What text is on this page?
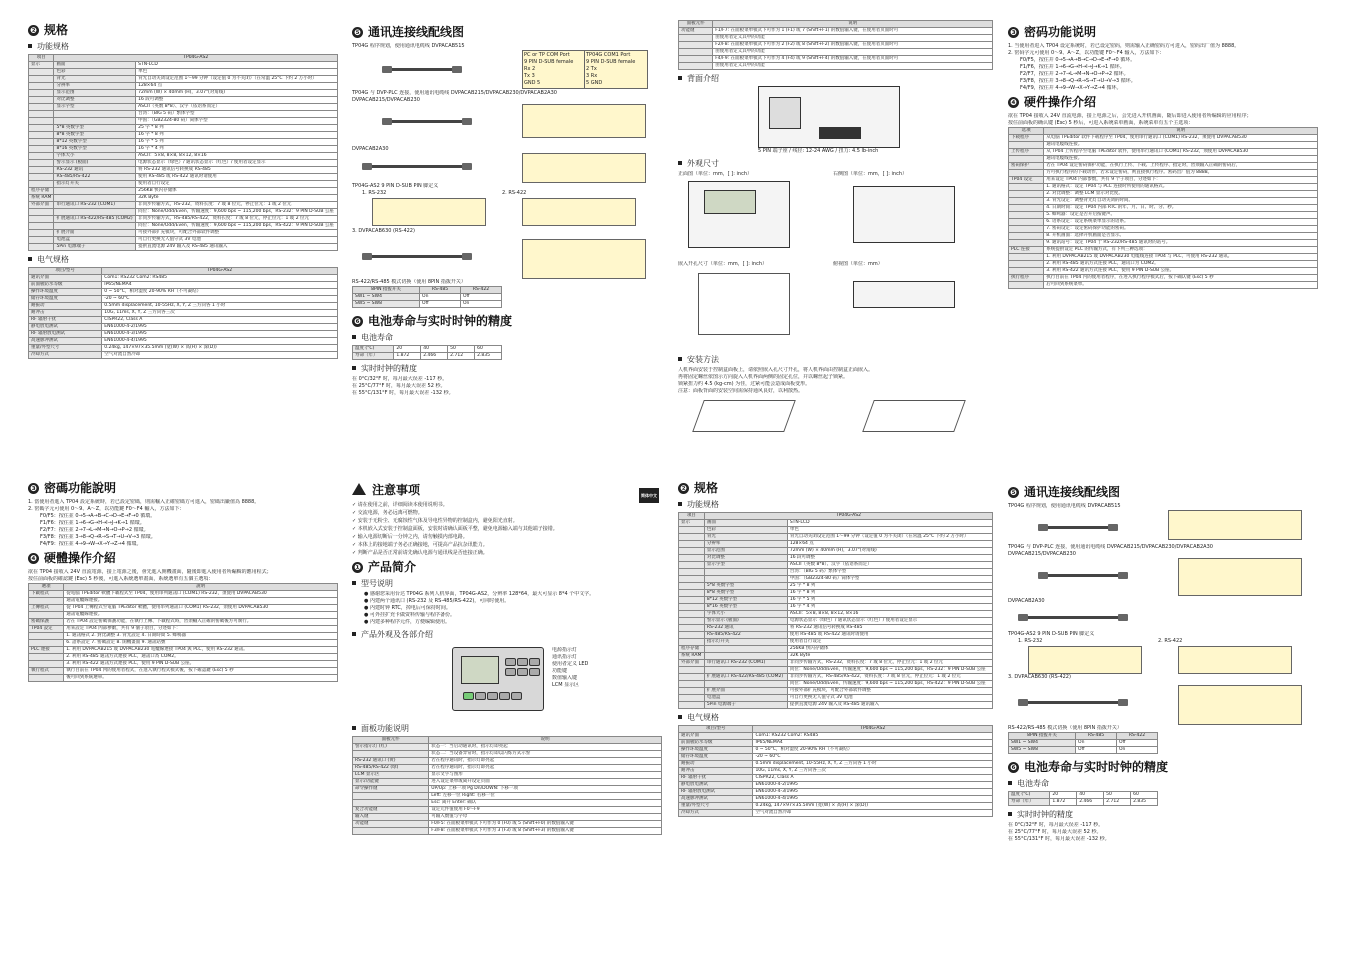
❷ 规格
功能规格
项目	TP04G-AS2	
显示	画面	STN-LCD
	色彩	单色
	背光	背光自动关闭设定范围 1～99 分钟（设定值 0 为不关闭）（在常温 25°C 下约 2 万小时）
	分辨率	128×64 点
	显示范围	72mm (W) × 40mm (H)，3.07"(对角线)
	对比调整	16 段可调整
	显示字型	ASCII（英数 8*8）、汉字（依语系而定）
		台湾：（BIG 5 码）繁体字型
		中国：（GB2324-80 码）简体字型
	5*8 英数字型	25 字 * 8 列
	8*8 英数字型	16 字 * 8 列
	8*12 英数字型	16 字 * 5 列
	8*16 英数字型	16 字 * 4 列
	字体大小	ASCII：5×8, 8×8, 8×12, 8×16
	警示显示 (板面)	电源状态显示（绿色）/ 通讯状态显示（红色）/ 使用者设定显示
	RS-232 通讯	将 RS-232 通讯信号转换成 RS-485
	RS-485/RS-422	使用 RS-485 或 RS-422 通讯时请使用
	指示灯开关	使用者自行设定
程序存储		256KB 快闪存储体
系统 RAM		32K Byte
外部介面	串行通讯口 RS-232 (COM1)	非同步传输方式，RS-232，资料长度：7 或 8 位元，停止位元：1 或 2 位元
		同位：None/Odd/Even，传输速度：9,600 bps ~ 115,200 bps，RS-232：9 PIN D-SUB 公座
	扩展通讯口 RS-422/RS-485 (COM2)	非同步传输方式，RS-485/RS-422，资料长度：7 或 8 位元，停止位元：1 或 2 位元
		同位：None/Odd/Even，传输速度：9,600 bps ~ 115,200 bps，RS-422：9 PIN D-SUB 公座
	扩展介面	可接外部扩充模块，可配合外部软件调整
	电池盒	可自行更换无人值守式 3V 电池
	5Pin 电源端子	提供直流电源 24V 输入及 RS-485 通讯输入
电气规格
项目/型号	TP04G-AS2
通讯介面	Com1: RS232 Com2: RS485
前面板防水等级	IP65/NEMA4
操作环境温度	0 ~ 50°C，相对湿度 20-90% RH（不可凝结）
储存环境温度	-20 ~ 60°C
耐振动	0.5mm displacement, 10-55Hz, X, Y, Z 三方向各 1 小时
耐冲击	10G, 11ms, X, Y, Z 三方向各三次
RF 辐射干扰	CISPR22, Class A
静电放电测试	EN61000-4-2/1995
RF 辐射放电测试	EN61000-4-3/1995
高速脉冲测试	EN61000-4-4/1995
重量/外型尺寸	0.24kg, 147×97×35.5mm (宽(W) × 高(H) × 深(D))
冷却方式	空气对流自然冷却
❺ 通讯连接线配线图
TP04G 程序规划，使用通讯电缆线 DVPACAB515
PC or TP COM Port
9 PIN D-SUB female
Rx 2
Tx 3
GND 5
TP04G COM1 Port
9 PIN D-SUB female
2 Tx
3 Rx
5 GND
TP04G 与 DVP-PLC 连接，使用通讯电缆线 DVPACAB215/DVPACAB230/DVPACAB2A30
DVPACAB215/DVPACAB230
DVPACAB2A30
TP04G-AS2 9 PIN D-SUB PIN 脚定义
1. RS-232	2. RS-422
3. DVPACAB630 (RS-422)
RS-422/RS-485 模式切换（使用 8PIN 指拨开关）
8PIN 指拨开关	RS-485	RS-422
SW1 ~ SW4	On	Off
SW5 ~ SW8	Off	On
❻ 电池寿命与实时时钟的精度
电池寿命
温度 (°C)	20	40	50	60
寿命（年）	1.872	2.466	2.712	2.835
实时时钟的精度
在 0°C/32°F 时，每月最大误差 -117 秒。
在 25°C/77°F 时，每月最大误差 52 秒。
在 55°C/131°F 时，每月最大误差 -132 秒。
面板元件	说明
功能键	F1/F7: 在面板菜单模式下可作为 1 (F1) 或 7 (Shift+F1) 的数值输入键，在使用者页面时可
	由使用者定义其中的功能
	F2/F8: 在面板菜单模式下可作为 2 (F2) 或 8 (Shift+F2) 的数值输入键，在使用者页面时可
	由使用者定义其中的功能
	F4/F9: 在面板菜单模式下可作为 4 (F4) 或 9 (Shift+F4) 的数值输入键，在使用者页面时可
	由使用者定义其中的功能
背面介绍
5 PIN 端子座 / 线径: 12-24 AWG / 扭力: 4.5 lb-inch
外观尺寸
正面图（单位：mm，[ ]: inch）	右侧图（单位：mm，[ ]: inch）
嵌入开孔尺寸（单位：mm，[ ]: inch）	俯视图（单位：mm）
安装方法
人机界面安装于控制盒面板上，请依照嵌入孔尺寸开孔，将人机界面由控制盒正面嵌入。
再将固定螺丝依图示方向旋入人机界面两侧的固定孔位，并以螺丝起子锁紧。
锁紧扭力约 4.5 (kg-cm) 为佳，过紧可能会造成面板变形。
注意：面板背面的安装空间需保持通风良好，以利散热。
❸ 密码功能说明
1. 当使用者进入 TP04 设定系统时，若已设定密码，则需输入正确密码方可进入，密码出厂值为 8888。
2. 密码字元可使用 0～9、A～Z，以功能键 F0～F4 输入，方法如下：
F0/F5，按住并 0→5→A→B→C→D→E→F→0 循环。
F1/F6，按住并 1→6→G→H→I→J→K→1 循环。
F2/F7，按住并 2→7→L→M→N→O→P→2 循环。
F3/F8，按住并 3→8→Q→R→S→T→U→V→3 循环。
F4/F9，按住并 4→9→W→X→Y→Z→4 循环。
❹ 硬件操作介绍
欲在 TP04 接收入 24V 直流电源，接上电源之后，会先进入开机画面，随后即进入使用者所编辑的应用程序；
按住前面板的确认键 (Esc) 5 秒后，可进入系统菜单画面，系统菜单有五个主选项：
选项	说明
下载程序	从电脑 TPEditor 软件下载程序至 TP04，使用串行通讯口 (COM1) RS-232，须使用 DVPACAB530
	通讯电缆线连接。
上传程序	从 TP04 上传程序至电脑 TPEditor 软件，使用串行通讯口 (COM1) RS-232，须使用 DVPACAB530
	通讯电缆线连接。
密码保护	若在 TP04 设定密码保护功能，在执行上传、下载、上传程序、指定时，皆须输入正确的密码后，
	方可执行程序的下载动作，若未设定密码，则直接执行程序。密码出厂值为 8888。
TP04 设定	用来设定 TP04 内部参数，共有 9 个子项目，分述如下：
	1. 通讯格式：设定 TP04 与 PLC 连接时所使用的通讯格式。
	2. 对比调整：调整 LCM 显示对比度。
	3. 背光设定：调整背光灯自动关闭的时间。
	4. 日期时间：设定 TP04 内部 RTC 的年、月、日、时、分、秒。
	5. 蜂鸣器：设定是否开启按键声。
	6. 语系设定：设定系统菜单显示的语系。
	7. 密码设定：设定密码保护功能的密码。
	8. 开机画面：选择开机画面是否显示。
	9. 通讯站号：设定 TP04 于 RS-232/RS-485 通讯时的站号。
PLC 连接	系统提供设定 PLC 的传输方式，有下列三种选项：
	1. 利用 DVPACAB215 或 DVPACAB230 电缆线连接 TP04 与 PLC，可使用 RS-232 通讯。
	2. 利用 RS-485 通讯方式连接 PLC，通讯口为 COM2。
	3. 利用 RS-422 通讯方式连接 PLC，使用 9 PIN D-SUB 公座。
执行程序	执行目前在 TP04 内的使用者程序，在进入执行程序模式后，按下确认键 (Esc) 5 秒
	后可回到系统菜单。
❸ 密碼功能說明
1. 當使用者進入 TP04 設定系統時，若已設定密碼，則需輸入正確密碼方可進入，密碼出廠值為 8888。
2. 密碼字元可使用 0～9、A～Z，以功能鍵 F0～F4 輸入，方法如下：
F0/F5：按住並 0→5→A→B→C→D→E→F→0 循環。
F1/F6：按住並 1→6→G→H→I→J→K→1 循環。
F2/F7：按住並 2→7→L→M→N→O→P→2 循環。
F3/F8：按住並 3→8→Q→R→S→T→U→V→3 循環。
F4/F9：按住並 4→9→W→X→Y→Z→4 循環。
❹ 硬體操作介紹
欲在 TP04 接收入 24V 直流電源，接上電源之後，會先進入開機畫面，隨後即進入使用者所編輯的應用程式；
按住前面板的確認鍵 (Esc) 5 秒後，可進入系統選單畫面，系統選單有五個主選項：
選項	說明
下載程式	從電腦 TPEditor 軟體下載程式至 TP04，使用串列通訊口 (COM1) RS-232，須使用 DVPACAB530
	通訊電纜線連接。
上傳程式	從 TP04 上傳程式至電腦 TPEditor 軟體，使用串列通訊口 (COM1) RS-232，須使用 DVPACAB530
	通訊電纜線連接。
密碼保護	若在 TP04 設定密碼保護功能，在執行上傳、下載程式時，皆須輸入正確的密碼後方可執行。
TP04 設定	用來設定 TP04 內部參數，共有 9 個子項目，分述如下：
	1. 通訊格式 2. 對比調整 3. 背光設定 4. 日期時間 5. 蜂鳴器
	6. 語系設定 7. 密碼設定 8. 開機畫面 9. 通訊站號
PLC 連接	1. 利用 DVPACAB215 或 DVPACAB230 電纜線連接 TP04 與 PLC，使用 RS-232 通訊。
	2. 利用 RS-485 通訊方式連接 PLC，通訊口為 COM2。
	3. 利用 RS-422 通訊方式連接 PLC，使用 9 PIN D-SUB 公座。
執行程式	執行目前在 TP04 內的使用者程式，在進入執行程式模式後，按下確認鍵 (Esc) 5 秒
	後可回到系統選單。
注意事项	简体中文
✓ 请在使用之前，详细阅读本使用说明书。
✓ 交流电源，务必远离可燃物。
✓ 安装于无粉尘、无腐蚀性气体及导电性异物的控制盒内，避免阳光直射。
✓ 本机嵌入式安装于控制盒面板，安装时请确认面板平整，避免电源输入端与其他端子接错。
✓ 输入电源切断后一分钟之内，请勿触摸内部电路。
✓ 本体上的接地端子务必正确接地，可提高产品抗杂讯能力。
✓ 判断产品是否正常前请先确认电源与通讯线是否连接正确。
❶ 产品简介
型号说明
● 感谢您采用台达 TP04G 系列人机界面，TP04G-AS2，分辨率 128*64，最大可显示 8*4 个中文字。
● 内建两个通讯口 (RS-232 及 RS-485/RS-422)，可同时使用。
● 内建时钟 RTC，掉电后可保持时间。
● 可外挂扩充卡做资料传输与程序备份。
● 内建多种程序元件，方便编辑使用。
产品外观及各部介绍
电源指示灯
通讯指示灯
使用者定义 LED
功能键
数值输入键
LCM 显示区
面板功能说明
面板元件	说明
警示指示灯 (红)	状态一：当启动通讯时，指示灯即亮起
	状态二：当设备异常时，指示灯即以闪烁方式示警
RS-232 通讯口 (黄)	若在程序通讯时，指示灯即亮起
RS-485/RS-422 (绿)	若在程序通讯时，指示灯即亮起
LCM 显示区	显示文字与图形
显示/功能键	进入设定菜单或离开设定页面
命令操作键	UP/Up: 上移一项 Pg Dn/DOWN: 下移一项
	Left: 左移一位 Right: 右移一位
	Esc: 离开 Enter: 确认
复合功能键	设定元件值使用 F0～F9
输入键	可输入数值与字母
功能键	F0/F5: 在面板菜单模式下可作为 0 (F0) 或 5 (Shift+F0) 的数值输入键
	F3/F8: 在面板菜单模式下可作为 3 (F3) 或 8 (Shift+F3) 的数值输入键
❷ 规格
功能规格
项目	TP04G-AS2	
显示	画面	STN-LCD
	色彩	单色
	背光	背光自动关闭设定范围 1～99 分钟（设定值 0 为不关闭）（在常温 25°C 下约 2 万小时）
	分辨率	128×64 点
	显示范围	72mm (W) × 40mm (H)，3.07"(对角线)
	对比调整	16 段可调整
	显示字型	ASCII（英数 8*8）、汉字（依语系而定）
		台湾：（BIG 5 码）繁体字型
		中国：（GB2324-80 码）简体字型
	5*8 英数字型	25 字 * 8 列
	8*8 英数字型	16 字 * 8 列
	8*12 英数字型	16 字 * 5 列
	8*16 英数字型	16 字 * 4 列
	字体大小	ASCII：5×8, 8×8, 8×12, 8×16
	警示显示 (板面)	电源状态显示（绿色）/ 通讯状态显示（红色）/ 使用者设定显示
	RS-232 通讯	将 RS-232 通讯信号转换成 RS-485
	RS-485/RS-422	使用 RS-485 或 RS-422 通讯时请使用
	指示灯开关	使用者自行设定
程序存储		256KB 快闪存储体
系统 RAM		32K Byte
外部介面	串行通讯口 RS-232 (COM1)	非同步传输方式，RS-232，资料长度：7 或 8 位元，停止位元：1 或 2 位元
		同位：None/Odd/Even，传输速度：9,600 bps ~ 115,200 bps，RS-232：9 PIN D-SUB 公座
	扩展通讯口 RS-422/RS-485 (COM2)	非同步传输方式，RS-485/RS-422，资料长度：7 或 8 位元，停止位元：1 或 2 位元
		同位：None/Odd/Even，传输速度：9,600 bps ~ 115,200 bps，RS-422：9 PIN D-SUB 公座
	扩展介面	可接外部扩充模块，可配合外部软件调整
	电池盒	可自行更换无人值守式 3V 电池
	5Pin 电源端子	提供直流电源 24V 输入及 RS-485 通讯输入
电气规格
项目/型号	TP04G-AS2
通讯介面	Com1: RS232 Com2: RS485
前面板防水等级	IP65/NEMA4
操作环境温度	0 ~ 50°C，相对湿度 20-90% RH（不可凝结）
储存环境温度	-20 ~ 60°C
耐振动	0.5mm displacement, 10-55Hz, X, Y, Z 三方向各 1 小时
耐冲击	10G, 11ms, X, Y, Z 三方向各三次
RF 辐射干扰	CISPR22, Class A
静电放电测试	EN61000-4-2/1995
RF 辐射放电测试	EN61000-4-3/1995
高速脉冲测试	EN61000-4-4/1995
重量/外型尺寸	0.24kg, 147×97×35.5mm (宽(W) × 高(H) × 深(D))
冷却方式	空气对流自然冷却
❺ 通讯连接线配线图
TP04G 程序规划，使用通讯电缆线 DVPACAB515
TP04G 与 DVP-PLC 连接，使用通讯电缆线 DVPACAB215/DVPACAB230/DVPACAB2A30
DVPACAB215/DVPACAB230
DVPACAB2A30
TP04G-AS2 9 PIN D-SUB PIN 脚定义
1. RS-232	2. RS-422
3. DVPACAB630 (RS-422)
RS-422/RS-485 模式切换（使用 8PIN 指拨开关）
8PIN 指拨开关	RS-485	RS-422
SW1 ~ SW4	On	Off
SW5 ~ SW8	Off	On
❻ 电池寿命与实时时钟的精度
电池寿命
温度 (°C)	20	40	50	60
寿命（年）	1.872	2.466	2.712	2.835
实时时钟的精度
在 0°C/32°F 时，每月最大误差 -117 秒。
在 25°C/77°F 时，每月最大误差 52 秒。
在 55°C/131°F 时，每月最大误差 -132 秒。
